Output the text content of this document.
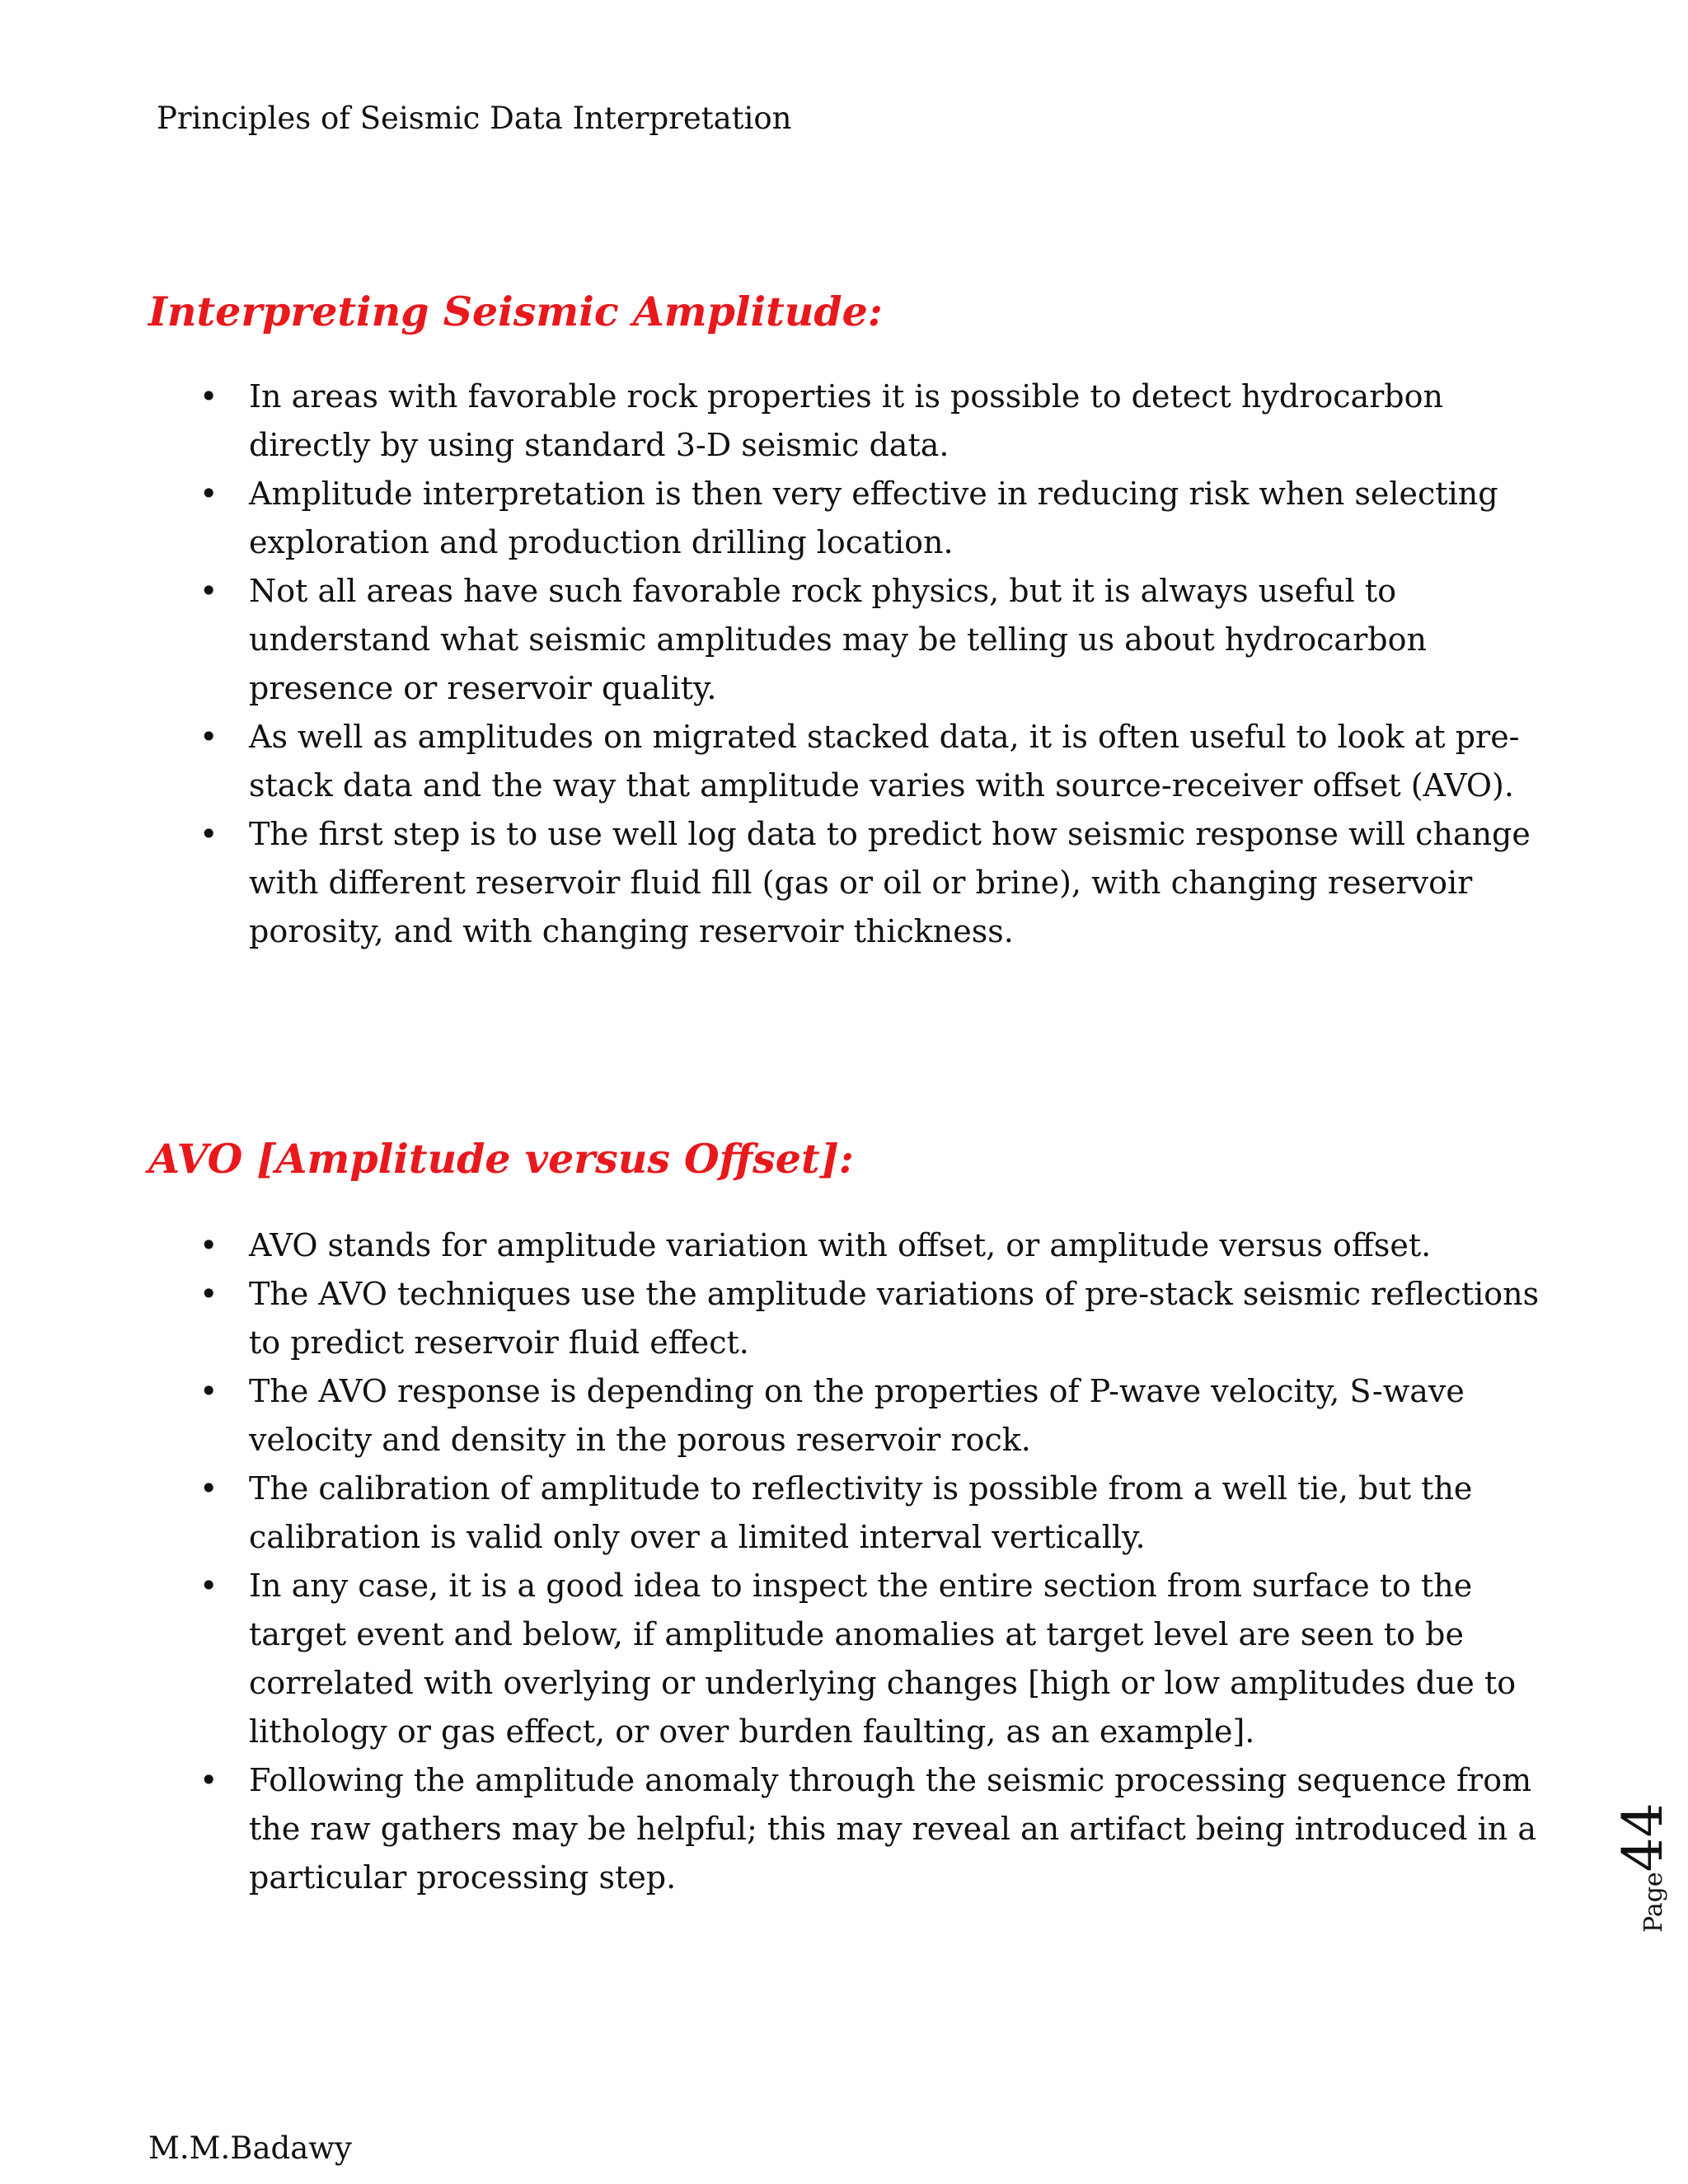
Principles of Seismic Data Interpretation
Interpreting Seismic Amplitude:
• In areas with favorable rock properties it is possible to detect hydrocarbon directly by using standard 3-D seismic data.
• Amplitude interpretation is then very effective in reducing risk when selecting exploration and production drilling location.
• Not all areas have such favorable rock physics, but it is always useful to understand what seismic amplitudes may be telling us about hydrocarbon presence or reservoir quality.
• As well as amplitudes on migrated stacked data, it is often useful to look at pre-stack data and the way that amplitude varies with source-receiver offset (AVO).
• The first step is to use well log data to predict how seismic response will change with different reservoir fluid fill (gas or oil or brine), with changing reservoir porosity, and with changing reservoir thickness.
AVO [Amplitude versus Offset]:
• AVO stands for amplitude variation with offset, or amplitude versus offset.
• The AVO techniques use the amplitude variations of pre-stack seismic reflections to predict reservoir fluid effect.
• The AVO response is depending on the properties of P-wave velocity, S-wave velocity and density in the porous reservoir rock.
• The calibration of amplitude to reflectivity is possible from a well tie, but the calibration is valid only over a limited interval vertically.
• In any case, it is a good idea to inspect the entire section from surface to the target event and below, if amplitude anomalies at target level are seen to be correlated with overlying or underlying changes [high or low amplitudes due to lithology or gas effect, or over burden faulting, as an example].
• Following the amplitude anomaly through the seismic processing sequence from the raw gathers may be helpful; this may reveal an artifact being introduced in a particular processing step.	Page44
M.M.Badawy
